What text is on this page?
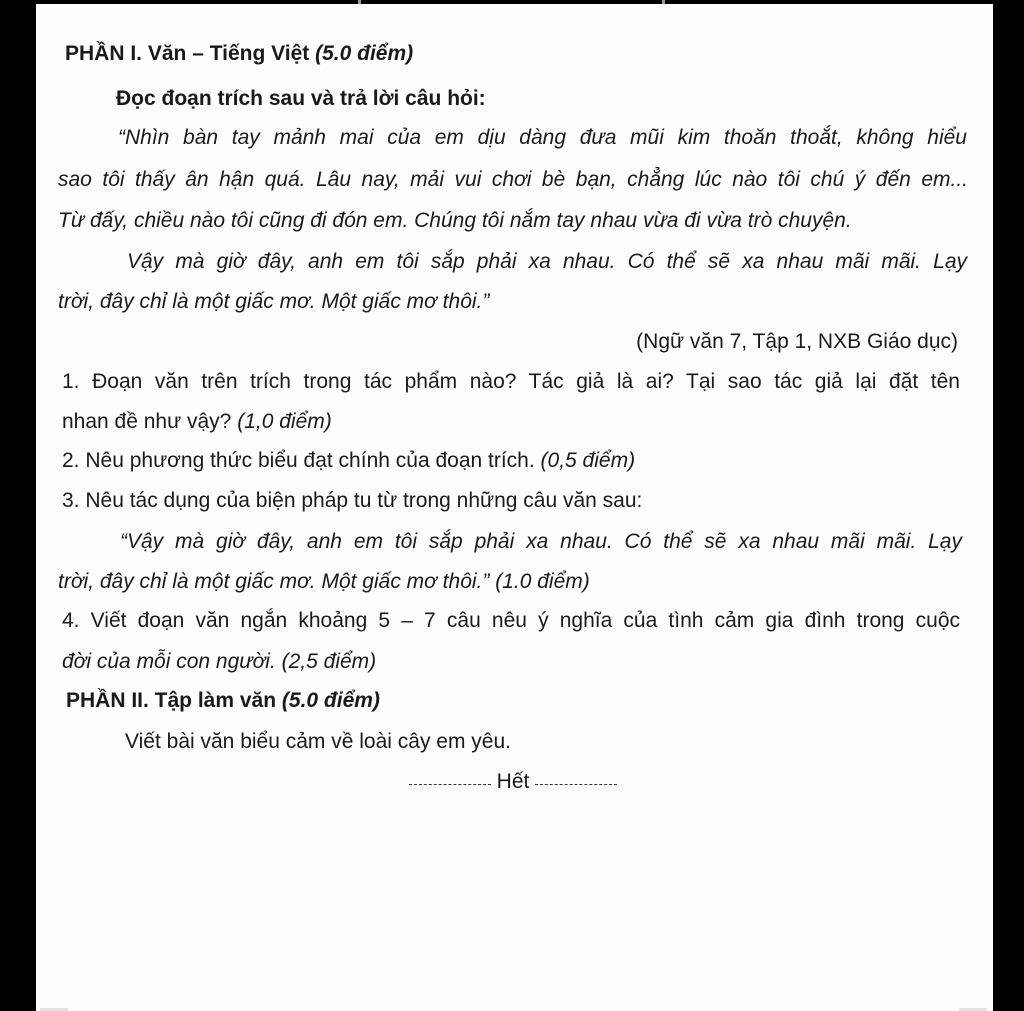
PHẦN I. Văn – Tiếng Việt (5.0 điểm)
Đọc đoạn trích sau và trả lời câu hỏi:
“Nhìn bàn tay mảnh mai của em dịu dàng đưa mũi kim thoăn thoắt, không hiểu
sao tôi thấy ân hận quá. Lâu nay, mải vui chơi bè bạn, chẳng lúc nào tôi chú ý đến em...
Từ đấy, chiều nào tôi cũng đi đón em. Chúng tôi nắm tay nhau vừa đi vừa trò chuyện.
Vậy mà giờ đây, anh em tôi sắp phải xa nhau. Có thể sẽ xa nhau mãi mãi. Lạy
trời, đây chỉ là một giấc mơ. Một giấc mơ thôi.”
(Ngữ văn 7, Tập 1, NXB Giáo dục)
1. Đoạn văn trên trích trong tác phẩm nào? Tác giả là ai? Tại sao tác giả lại đặt tên
nhan đề như vậy? (1,0 điểm)
2. Nêu phương thức biểu đạt chính của đoạn trích. (0,5 điểm)
3. Nêu tác dụng của biện pháp tu từ trong những câu văn sau:
“Vậy mà giờ đây, anh em tôi sắp phải xa nhau. Có thể sẽ xa nhau mãi mãi. Lạy
trời, đây chỉ là một giấc mơ. Một giấc mơ thôi.” (1.0 điểm)
4. Viết đoạn văn ngắn khoảng 5 – 7 câu nêu ý nghĩa của tình cảm gia đình trong cuộc
đời của mỗi con người. (2,5 điểm)
PHẦN II. Tập làm văn (5.0 điểm)
Viết bài văn biểu cảm về loài cây em yêu.
Hết
